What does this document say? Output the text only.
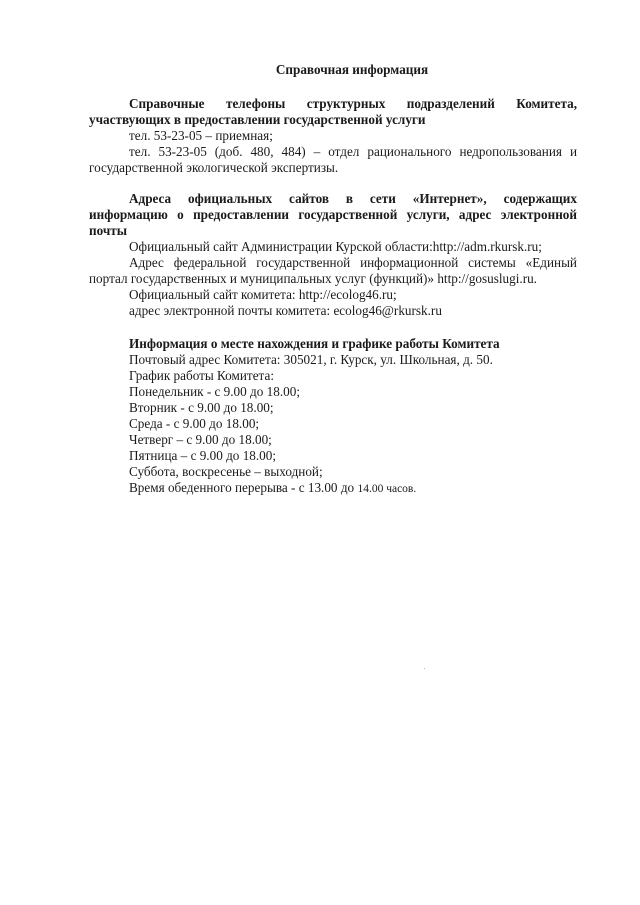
Справочная информация
Справочные телефоны структурных подразделений Комитета, участвующих в предоставлении государственной услуги
тел. 53-23-05 – приемная;
тел. 53-23-05 (доб. 480, 484) – отдел рационального недропользования и государственной экологической экспертизы.
Адреса официальных сайтов в сети «Интернет», содержащих информацию о предоставлении государственной услуги, адрес электронной почты
Официальный сайт Администрации Курской области:http://adm.rkursk.ru;
Адрес федеральной государственной информационной системы «Единый портал государственных и муниципальных услуг (функций)» http://gosuslugi.ru.
Официальный сайт комитета: http://ecolog46.ru;
адрес электронной почты комитета: ecolog46@rkursk.ru
Информация о месте нахождения и графике работы Комитета
Почтовый адрес Комитета: 305021, г. Курск, ул. Школьная, д. 50.
График работы Комитета:
Понедельник - с 9.00 до 18.00;
Вторник - с 9.00 до 18.00;
Среда - с 9.00 до 18.00;
Четверг – с 9.00 до 18.00;
Пятница – с 9.00 до 18.00;
Суббота, воскресенье – выходной;
Время обеденного перерыва - с 13.00 до 14.00 часов.
